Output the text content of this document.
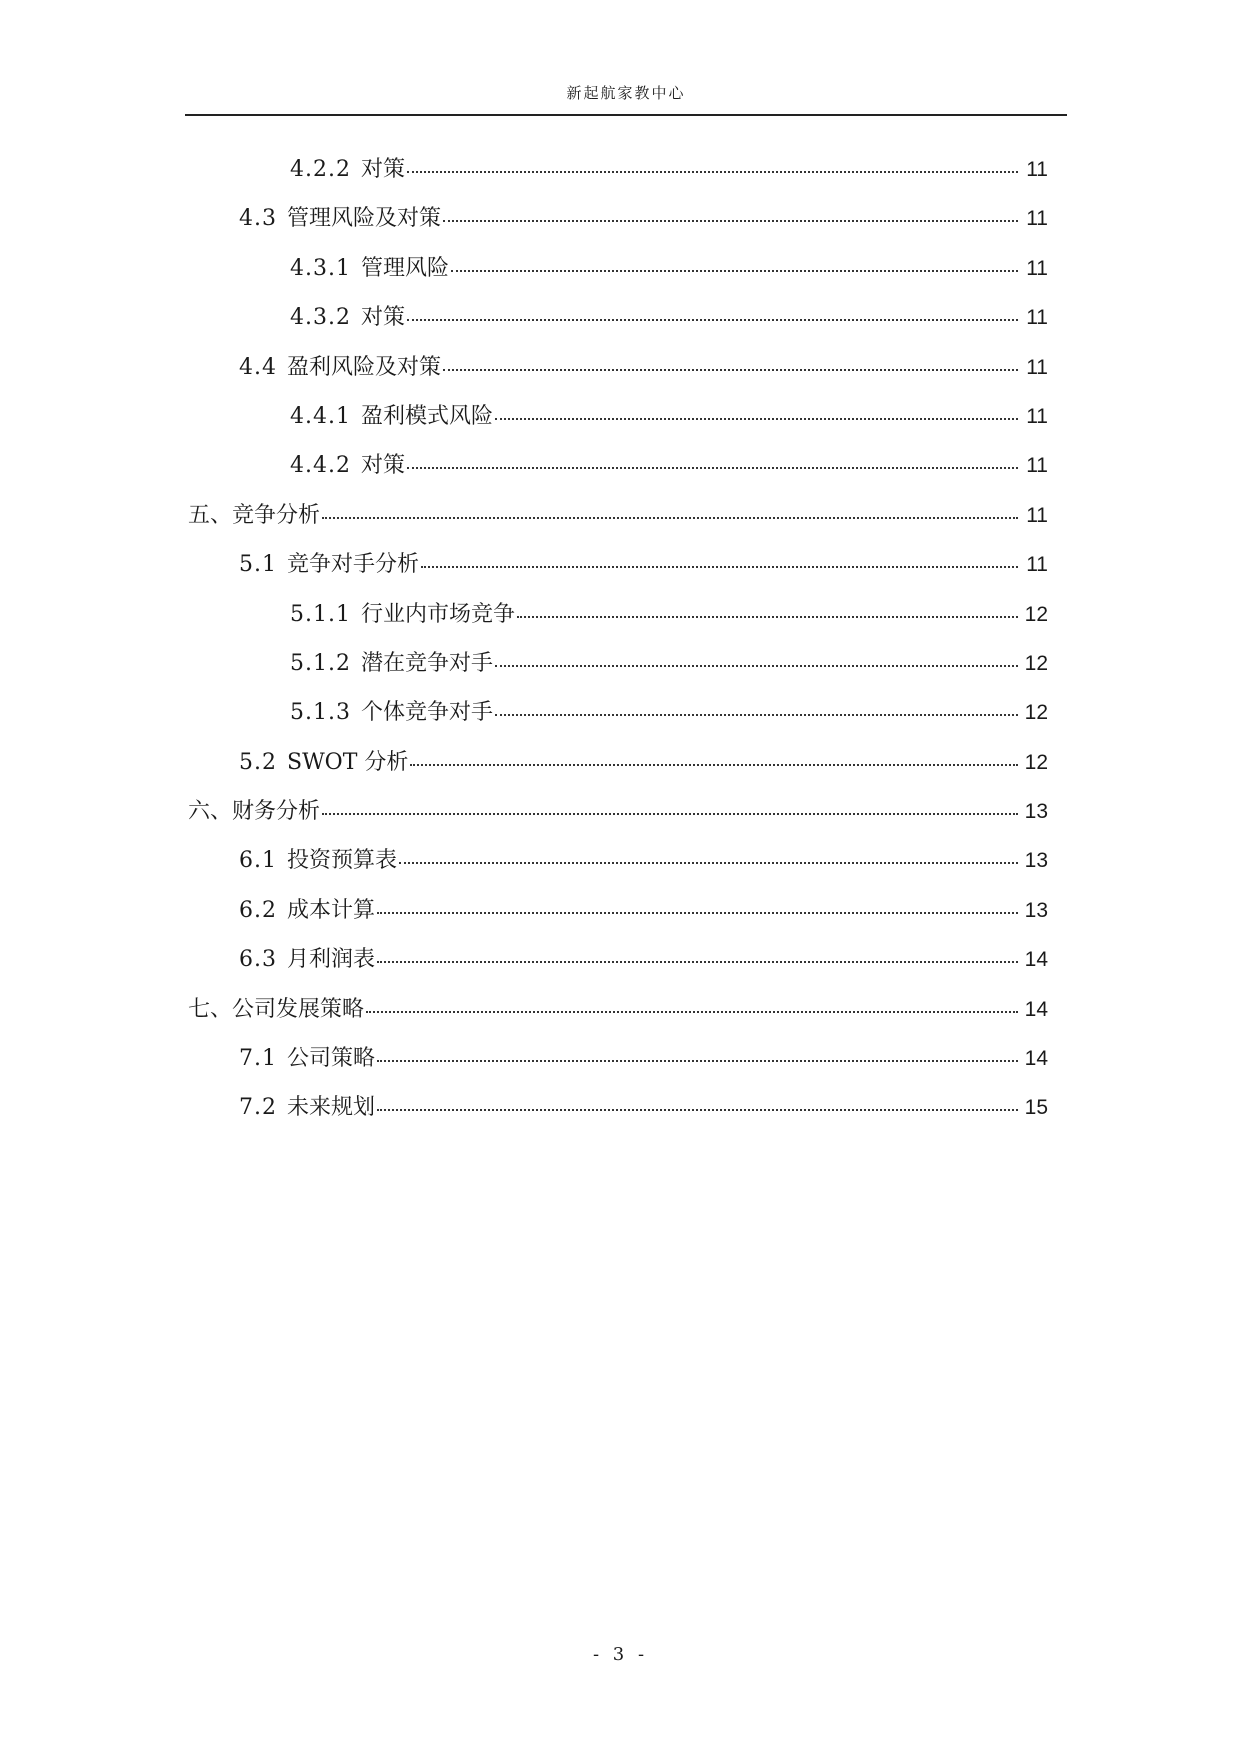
新起航家教中心
4.2.2 对策	11
4.3 管理风险及对策	11
4.3.1 管理风险	11
4.3.2 对策	11
4.4 盈利风险及对策	11
4.4.1 盈利模式风险	11
4.4.2 对策	11
五、竞争分析	11
5.1 竞争对手分析	11
5.1.1 行业内市场竞争	12
5.1.2 潜在竞争对手	12
5.1.3 个体竞争对手	12
5.2 SWOT 分析	12
六、财务分析	13
6.1 投资预算表	13
6.2 成本计算	13
6.3 月利润表	14
七、公司发展策略	14
7.1 公司策略	14
7.2 未来规划	15
- 3 -
